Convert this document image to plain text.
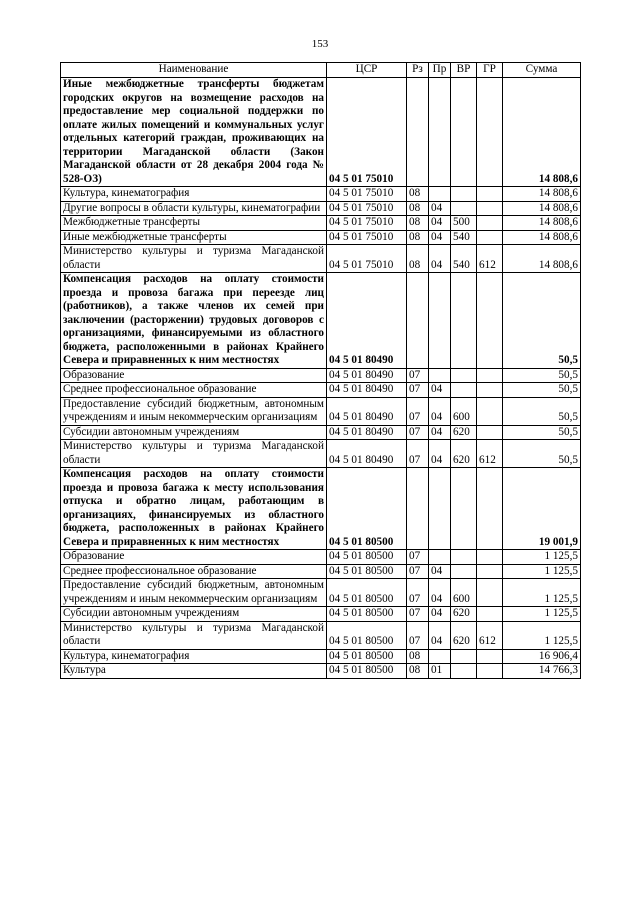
153
Наименование	ЦСР	Рз	Пр	ВР	ГР	Сумма
Иные межбюджетные трансферты бюджетам городских округов на возмещение расходов на предоставление мер социальной поддержки по оплате жилых помещений и коммунальных услуг отдельных категорий граждан, проживающих на территории Магаданской области (Закон Магаданской области от 28 декабря 2004 года № 528-ОЗ)	04 5 01 75010					14 808,6
Культура, кинематография	04 5 01 75010	08				14 808,6
Другие вопросы в области культуры, кинематографии	04 5 01 75010	08	04			14 808,6
Межбюджетные трансферты	04 5 01 75010	08	04	500		14 808,6
Иные межбюджетные трансферты	04 5 01 75010	08	04	540		14 808,6
Министерство культуры и туризма Магаданской области	04 5 01 75010	08	04	540	612	14 808,6
Компенсация расходов на оплату стоимости проезда и провоза багажа при переезде лиц (работников), а также членов их семей при заключении (расторжении) трудовых договоров с организациями, финансируемыми из областного бюджета, расположенными в районах Крайнего Севера и приравненных к ним местностях	04 5 01 80490					50,5
Образование	04 5 01 80490	07				50,5
Среднее профессиональное образование	04 5 01 80490	07	04			50,5
Предоставление субсидий бюджетным, автономным учреждениям и иным некоммерческим организациям	04 5 01 80490	07	04	600		50,5
Субсидии автономным учреждениям	04 5 01 80490	07	04	620		50,5
Министерство культуры и туризма Магаданской области	04 5 01 80490	07	04	620	612	50,5
Компенсация расходов на оплату стоимости проезда и провоза багажа к месту использования отпуска и обратно лицам, работающим в организациях, финансируемых из областного бюджета, расположенных в районах Крайнего Севера и приравненных к ним местностях	04 5 01 80500					19 001,9
Образование	04 5 01 80500	07				1 125,5
Среднее профессиональное образование	04 5 01 80500	07	04			1 125,5
Предоставление субсидий бюджетным, автономным учреждениям и иным некоммерческим организациям	04 5 01 80500	07	04	600		1 125,5
Субсидии автономным учреждениям	04 5 01 80500	07	04	620		1 125,5
Министерство культуры и туризма Магаданской области	04 5 01 80500	07	04	620	612	1 125,5
Культура, кинематография	04 5 01 80500	08				16 906,4
Культура	04 5 01 80500	08	01			14 766,3
